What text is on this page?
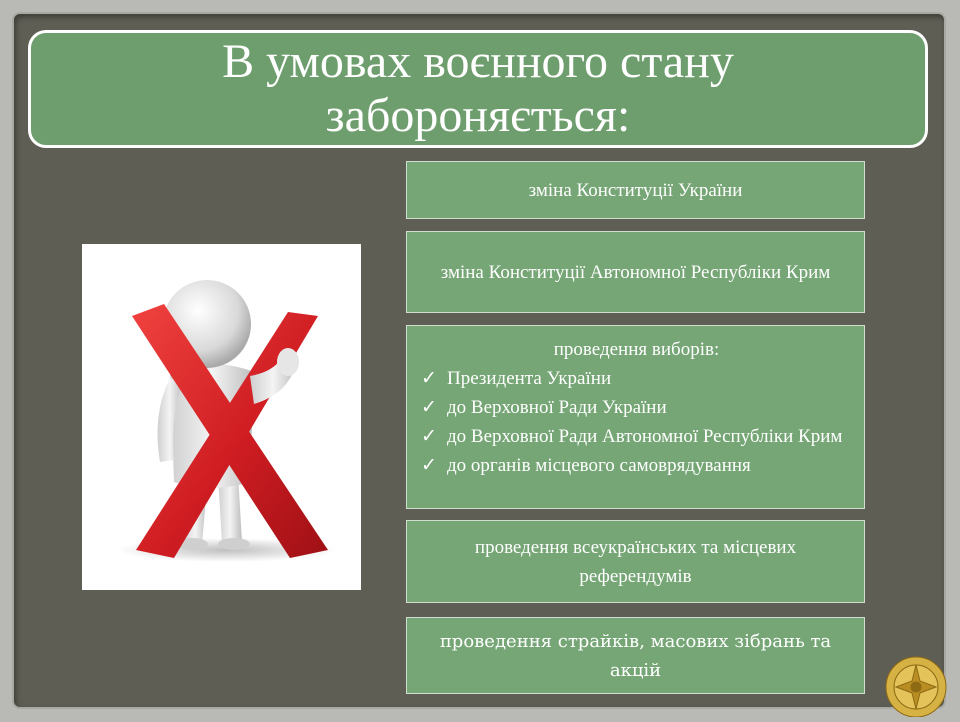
В умовах воєнного стану забороняється:
зміна Конституції України
зміна Конституції Автономної Республіки Крим
проведення виборів:
✓ Президента України
✓ до Верховної Ради України
✓ до Верховної Ради Автономної Республіки Крим
✓ до органів місцевого самоврядування
проведення всеукраїнських та місцевих референдумів
проведення страйків, масових зібрань та акцій
